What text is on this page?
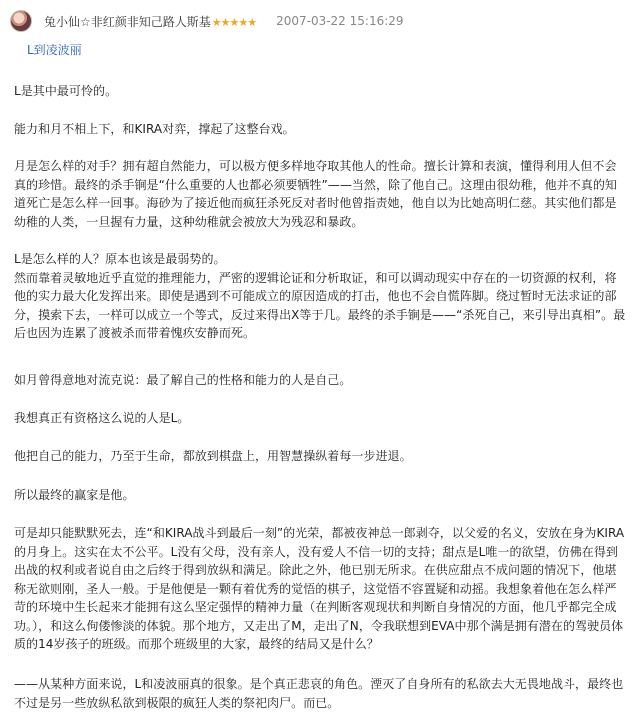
兔小仙☆非红颜非知己路人斯基★★★★★ 2007-03-22 15:16:29
L到凌波丽

L是其中最可怜的。

能力和月不相上下，和KIRA对弈，撑起了这整台戏。

月是怎么样的对手？拥有超自然能力，可以极方便多样地夺取其他人的性命。擅长计算和表演，懂得利用人但不会真的珍惜。最终的杀手锏是“什么重要的人也都必须要牺牲”——当然，除了他自己。这理由很幼稚，他并不真的知道死亡是怎么样一回事。海砂为了接近他而疯狂杀死反对者时他曾指责她，他自以为比她高明仁慈。其实他们都是幼稚的人类，一旦握有力量，这种幼稚就会被放大为残忍和暴政。

L是怎么样的人？原本也该是最弱势的。
然而靠着灵敏地近乎直觉的推理能力，严密的逻辑论证和分析取证，和可以调动现实中存在的一切资源的权利，将他的实力最大化发挥出来。即使是遇到不可能成立的原因造成的打击，他也不会自慌阵脚。绕过暂时无法求证的部分，摸索下去，一样可以成立一个等式，反过来得出X等于几。最终的杀手锏是——“杀死自己，来引导出真相”。最后也因为连累了渡被杀而带着愧疚安静而死。

如月曾得意地对流克说：最了解自己的性格和能力的人是自己。

我想真正有资格这么说的人是L。

他把自己的能力，乃至于生命，都放到棋盘上，用智慧操纵着每一步进退。

所以最终的赢家是他。

可是却只能默默死去，连“和KIRA战斗到最后一刻”的光荣，都被夜神总一郎剥夺，以父爱的名义，安放在身为KIRA的月身上。这实在太不公平。L没有父母，没有亲人，没有爱人不信一切的支持；甜点是L唯一的欲望，仿佛在得到出战的权利或者说自由之后终于得到放纵和满足。除此之外，他已别无所求。在供应甜点不成问题的情况下，他堪称无欲则刚，圣人一般。于是他便是一颗有着优秀的觉悟的棋子，这觉悟不容置疑和动摇。我想象着他在怎么样严苛的环境中生长起来才能拥有这么坚定强悍的精神力量（在判断客观现状和判断自身情况的方面，他几乎都完全成功。），和这么佝偻惨淡的体貌。那个地方，又走出了M，走出了N，令我联想到EVA中那个满是拥有潜在的驾驶员体质的14岁孩子的班级。而那个班级里的大家，最终的结局又是什么？

——从某种方面来说，L和凌波丽真的很象。是个真正悲哀的角色。湮灭了自身所有的私欲去大无畏地战斗，最终也不过是另一些放纵私欲到极限的疯狂人类的祭祀肉尸。而已。
